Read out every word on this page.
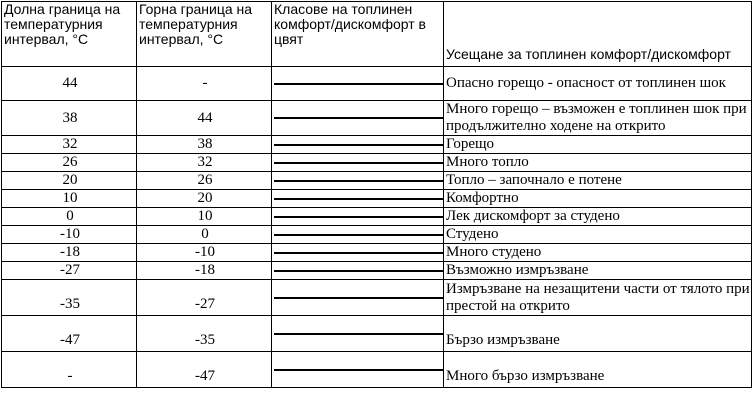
Долна граница на температурния интервал, °С	Горна граница на температурния интервал, °С	Класове на топлинен комфорт/дискомфорт в цвят	Усещане за топлинен комфорт/дискомфорт
44	-		Опасно горещо - опасност от топлинен шок
38	44		Много горещо – възможен е топлинен шок при продължително ходене на открито
32	38		Горещо
26	32		Много топло
20	26		Топло – започнало е потене
10	20		Комфортно
0	10		Лек дискомфорт за студено
-10	0		Студено
-18	-10		Много студено
-27	-18		Възможно измръзване
-35	-27		Измръзване на незащитени части от тялото при престой на открито
-47	-35		Бързо измръзване
-	-47		Много бързо измръзване
